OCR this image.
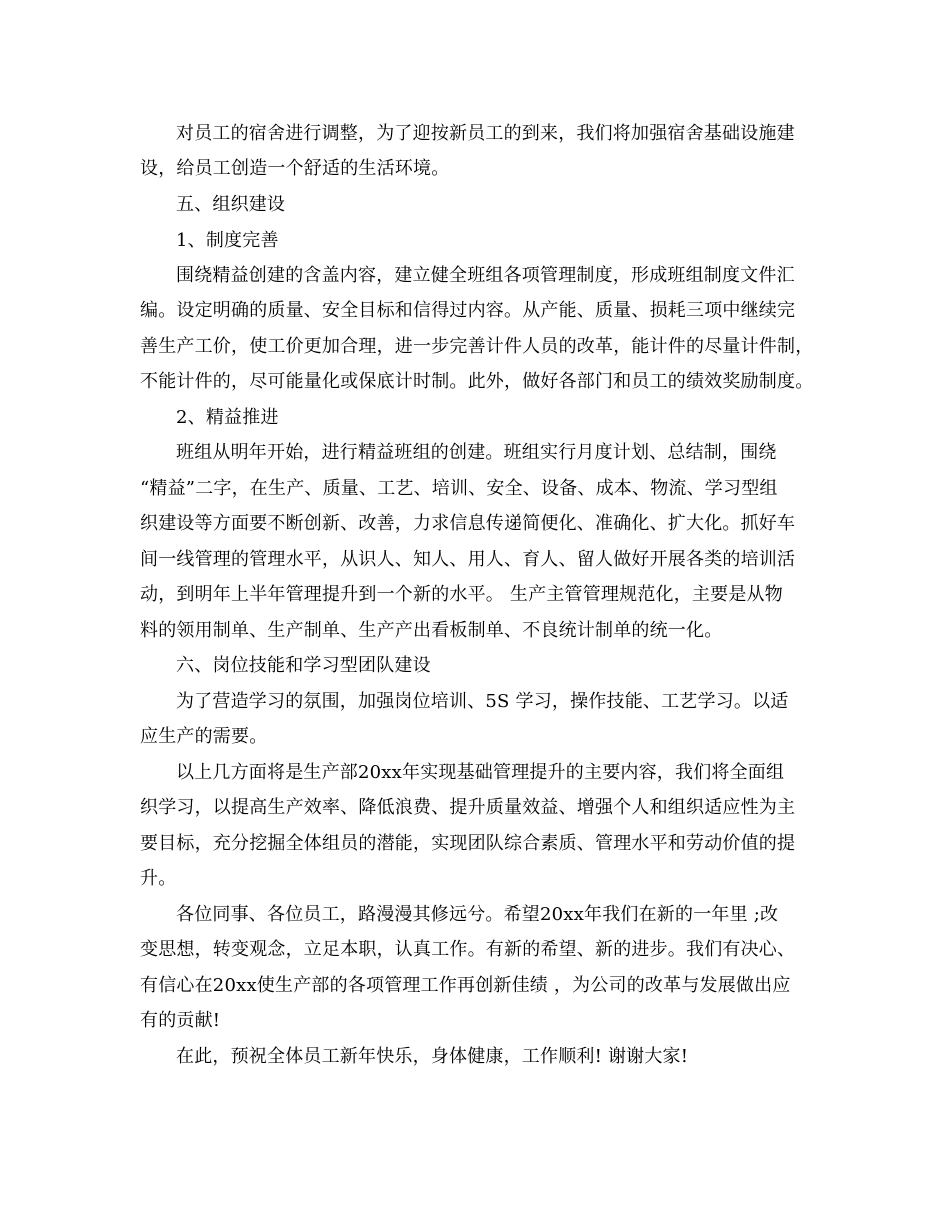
对员工的宿舍进行调整，为了迎按新员工的到来，我们将加强宿舍基础设施建
设，给员工创造一个舒适的生活环境。
五、组织建设
1、制度完善
围绕精益创建的含盖内容，建立健全班组各项管理制度，形成班组制度文件汇
编。设定明确的质量、安全目标和信得过内容。从产能、质量、损耗三项中继续完
善生产工价，使工价更加合理，进一步完善计件人员的改革，能计件的尽量计件制，
不能计件的，尽可能量化或保底计时制。此外，做好各部门和员工的绩效奖励制度。
2、精益推进
班组从明年开始，进行精益班组的创建。班组实行月度计划、总结制，围绕
“精益”二字，在生产、质量、工艺、培训、安全、设备、成本、物流、学习型组
织建设等方面要不断创新、改善，力求信息传递简便化、准确化、扩大化。抓好车
间一线管理的管理水平，从识人、知人、用人、育人、留人做好开展各类的培训活
动，到明年上半年管理提升到一个新的水平。 生产主管管理规范化，主要是从物
料的领用制单、生产制单、生产产出看板制单、不良统计制单的统一化。
六、岗位技能和学习型团队建设
为了营造学习的氛围，加强岗位培训、5S 学习，操作技能、工艺学习。以适
应生产的需要。
以上几方面将是生产部20xx年实现基础管理提升的主要内容，我们将全面组
织学习，以提高生产效率、降低浪费、提升质量效益、增强个人和组织适应性为主
要目标，充分挖掘全体组员的潜能，实现团队综合素质、管理水平和劳动价值的提
升。
各位同事、各位员工，路漫漫其修远兮。希望20xx年我们在新的一年里 ;改
变思想，转变观念，立足本职，认真工作。有新的希望、新的进步。我们有决心、
有信心在20xx使生产部的各项管理工作再创新佳绩 ，为公司的改革与发展做出应
有的贡献!
在此，预祝全体员工新年快乐，身体健康，工作顺利! 谢谢大家!
